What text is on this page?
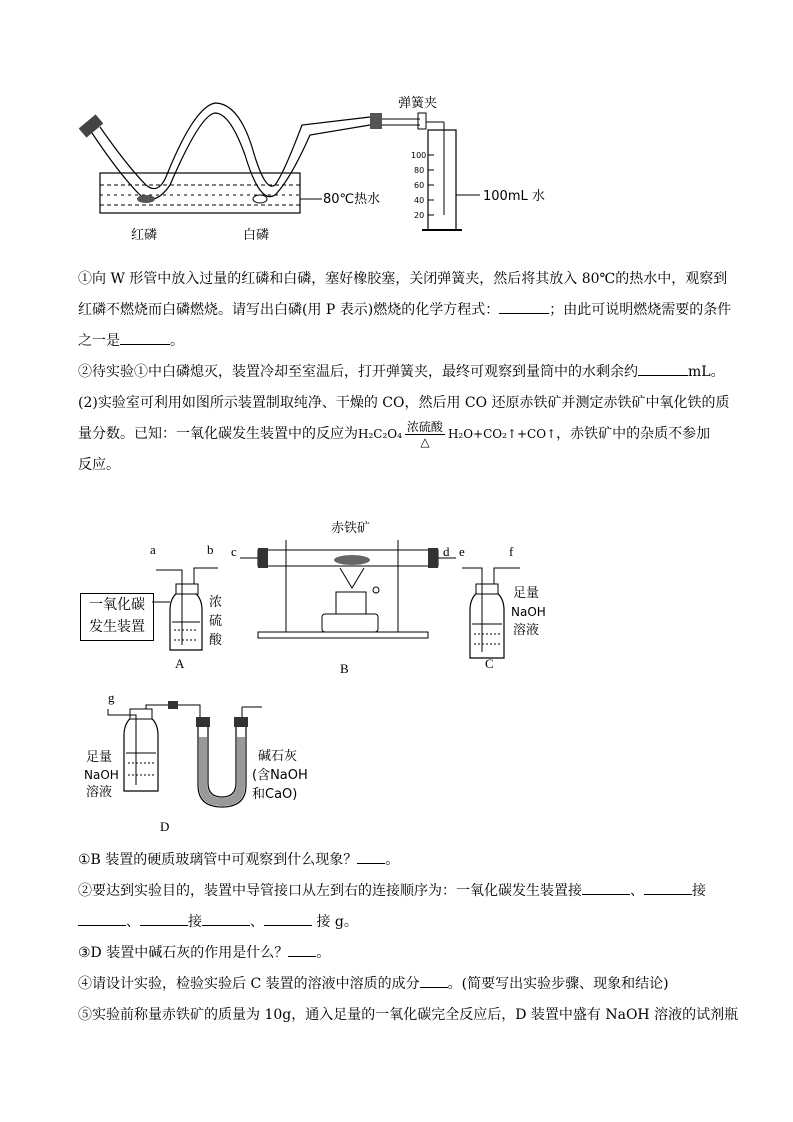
弹簧夹
80℃热水	100mL 水
红磷	白磷
100
80
60
40
20
①向 W 形管中放入过量的红磷和白磷，塞好橡胶塞，关闭弹簧夹，然后将其放入 80℃的热水中，观察到
红磷不燃烧而白磷燃烧。请写出白磷(用 P 表示)燃烧的化学方程式：	；由此可说明燃烧需要的条件
之一是	。
②待实验①中白磷熄灭，装置冷却至室温后，打开弹簧夹，最终可观察到量筒中的水剩余约	mL。
(2)实验室可利用如图所示装置制取纯净、干燥的 CO，然后用 CO 还原赤铁矿并测定赤铁矿中氧化铁的质
量分数。已知：一氧化碳发生装置中的反应为$H_2C_2O_4 \frac{\text{浓硫酸}}{\triangle}$ H₂O+CO₂↑+CO↑，赤铁矿中的杂质不参加
反应。
一氧化碳
发生装置
a	b c	d e	f
赤铁矿
浓
硫
酸
足量
NaOH
溶液
A	B	C
g
足量
NaOH
溶液
碱石灰
(含NaOH
和CaO)
D
①B 装置的硬质玻璃管中可观察到什么现象？ 。
②要达到实验目的，装置中导管接口从左到右的连接顺序为：一氧化碳发生装置接	、	接
、	接	、	接 g。
③D 装置中碱石灰的作用是什么？ 。
④请设计实验，检验实验后 C 装置的溶液中溶质的成分 。(简要写出实验步骤、现象和结论)
⑤实验前称量赤铁矿的质量为 10g，通入足量的一氧化碳完全反应后，D 装置中盛有 NaOH 溶液的试剂瓶
